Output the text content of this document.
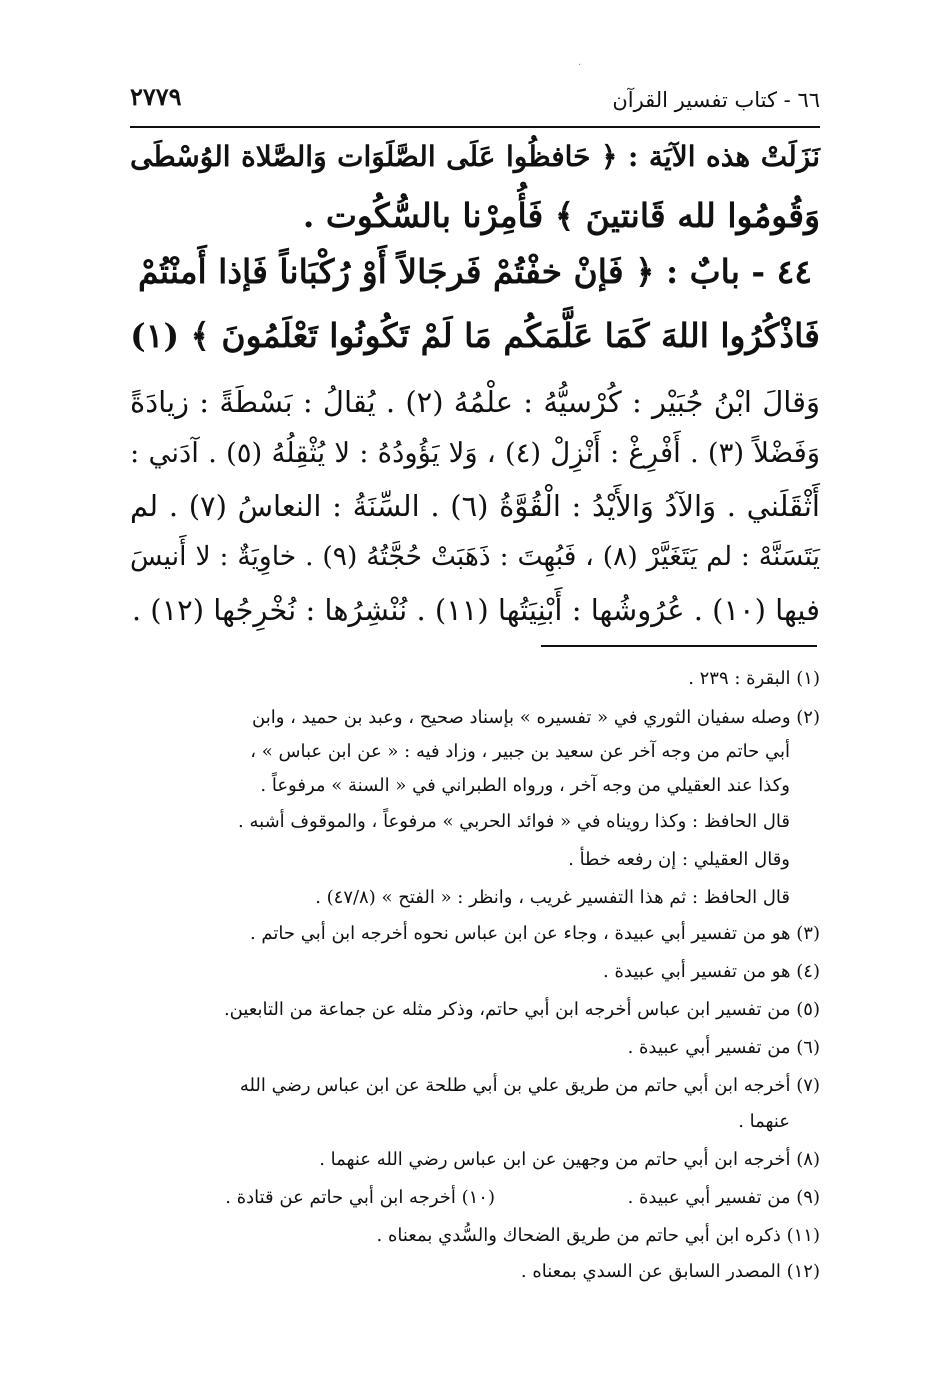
·
٦٦ - كتاب تفسير القرآن
٢٧٧٩
نَزَلَتْ هذه الآيَة : ﴿ حَافظُوا عَلَى الصَّلَوَات وَالصَّلاة الوُسْطَى
وَقُومُوا لله قَانتينَ ﴾ فَأُمِرْنا بالسُّكُوت .
٤٤ - بابٌ : ﴿ فَإنْ خفْتُمْ فَرجَالاً أَوْ رُكْبَاناً فَإذا أَمنْتُمْ
فَاذْكُرُوا اللهَ كَمَا عَلَّمَكُم مَا لَمْ تَكُونُوا تَعْلَمُونَ ﴾ (١)
وَقالَ ابْنُ جُبَيْر : كُرْسيُّهُ : علْمُهُ (٢) . يُقالُ : بَسْطَةً : زيادَةً
وَفَضْلاً (٣) . أَفْرِغْ : أَنْزِلْ (٤) ، وَلا يَؤُودُهُ : لا يُثْقِلُهُ (٥) . آدَني :
أَثْقَلَني . وَالآدُ وَالأَيْدُ : الْقُوَّةُ (٦) . السِّنَةُ : النعاسُ (٧) . لم
يَتَسَنَّهْ : لم يَتَغَيَّرْ (٨) ، فَبُهِتَ : ذَهَبَتْ حُجَّتُهُ (٩) . خاوِيَةٌ : لا أَنيسَ
فيها (١٠) . عُرُوشُها : أَبْنِيَتُها (١١) . نُنْشِرُها : نُخْرِجُها (١٢) .
(١) البقرة : ٢٣٩ .
(٢) وصله سفيان الثوري في « تفسيره » بإسناد صحيح ، وعبد بن حميد ، وابن
أبي حاتم من وجه آخر عن سعيد بن جبير ، وزاد فيه : « عن ابن عباس » ،
وكذا عند العقيلي من وجه آخر ، ورواه الطبراني في « السنة » مرفوعاً .
قال الحافظ : وكذا رويناه في « فوائد الحربي » مرفوعاً ، والموقوف أشبه .
وقال العقيلي : إن رفعه خطأ .
قال الحافظ : ثم هذا التفسير غريب ، وانظر : « الفتح » (٤٧/٨) .
(٣) هو من تفسير أبي عبيدة ، وجاء عن ابن عباس نحوه أخرجه ابن أبي حاتم .
(٤) هو من تفسير أبي عبيدة .
(٥) من تفسير ابن عباس أخرجه ابن أبي حاتم، وذكر مثله عن جماعة من التابعين.
(٦) من تفسير أبي عبيدة .
(٧) أخرجه ابن أبي حاتم من طريق علي بن أبي طلحة عن ابن عباس رضي الله
عنهما .
(٨) أخرجه ابن أبي حاتم من وجهين عن ابن عباس رضي الله عنهما .
(٩) من تفسير أبي عبيدة .
(١٠) أخرجه ابن أبي حاتم عن قتادة .
(١١) ذكره ابن أبي حاتم من طريق الضحاك والسُّدي بمعناه .
(١٢) المصدر السابق عن السدي بمعناه .
